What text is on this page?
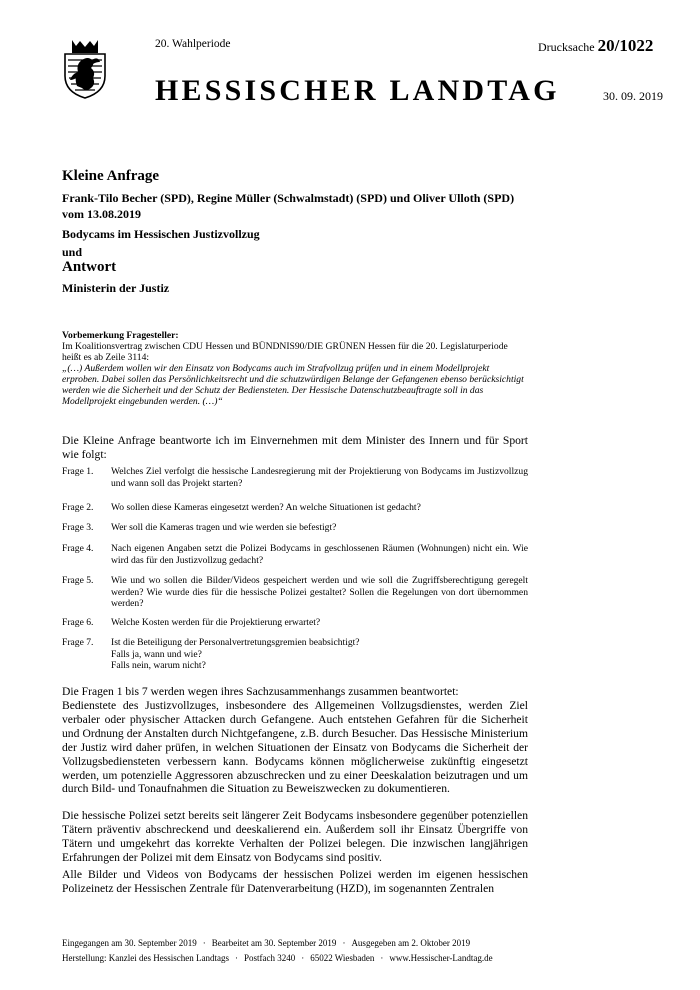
20. Wahlperiode	Drucksache 20/1022
HESSISCHER LANDTAG	30. 09. 2019
Kleine Anfrage
Frank-Tilo Becher (SPD), Regine Müller (Schwalmstadt) (SPD) und Oliver Ulloth (SPD) vom 13.08.2019
Bodycams im Hessischen Justizvollzug
und
Antwort
Ministerin der Justiz
Vorbemerkung Fragesteller:
Im Koalitionsvertrag zwischen CDU Hessen und BÜNDNIS90/DIE GRÜNEN Hessen für die 20. Legislaturperiode heißt es ab Zeile 3114:
„(…) Außerdem wollen wir den Einsatz von Bodycams auch im Strafvollzug prüfen und in einem Modellprojekt erproben. Dabei sollen das Persönlichkeitsrecht und die schutzwürdigen Belange der Gefangenen ebenso berücksichtigt werden wie die Sicherheit und der Schutz der Bediensteten. Der Hessische Datenschutzbeauftragte soll in das Modellprojekt eingebunden werden. (…)“
Die Kleine Anfrage beantworte ich im Einvernehmen mit dem Minister des Innern und für Sport wie folgt:
Frage 1.	Welches Ziel verfolgt die hessische Landesregierung mit der Projektierung von Bodycams im Justizvollzug und wann soll das Projekt starten?
Frage 2.	Wo sollen diese Kameras eingesetzt werden? An welche Situationen ist gedacht?
Frage 3.	Wer soll die Kameras tragen und wie werden sie befestigt?
Frage 4.	Nach eigenen Angaben setzt die Polizei Bodycams in geschlossenen Räumen (Wohnungen) nicht ein. Wie wird das für den Justizvollzug gedacht?
Frage 5.	Wie und wo sollen die Bilder/Videos gespeichert werden und wie soll die Zugriffsberechtigung geregelt werden? Wie wurde dies für die hessische Polizei gestaltet? Sollen die Regelungen von dort übernommen werden?
Frage 6.	Welche Kosten werden für die Projektierung erwartet?
Frage 7.	Ist die Beteiligung der Personalvertretungsgremien beabsichtigt?
Falls ja, wann und wie?
Falls nein, warum nicht?
Die Fragen 1 bis 7 werden wegen ihres Sachzusammenhangs zusammen beantwortet:
Bedienstete des Justizvollzuges, insbesondere des Allgemeinen Vollzugsdienstes, werden Ziel verbaler oder physischer Attacken durch Gefangene. Auch entstehen Gefahren für die Sicherheit und Ordnung der Anstalten durch Nichtgefangene, z.B. durch Besucher. Das Hessische Ministerium der Justiz wird daher prüfen, in welchen Situationen der Einsatz von Bodycams die Sicherheit der Vollzugsbediensteten verbessern kann. Bodycams können möglicherweise zukünftig eingesetzt werden, um potenzielle Aggressoren abzuschrecken und zu einer Deeskalation beizutragen und um durch Bild- und Tonaufnahmen die Situation zu Beweiszwecken zu dokumentieren.
Die hessische Polizei setzt bereits seit längerer Zeit Bodycams insbesondere gegenüber potenziellen Tätern präventiv abschreckend und deeskalierend ein. Außerdem soll ihr Einsatz Übergriffe von Tätern und umgekehrt das korrekte Verhalten der Polizei belegen. Die inzwischen langjährigen Erfahrungen der Polizei mit dem Einsatz von Bodycams sind positiv.
Alle Bilder und Videos von Bodycams der hessischen Polizei werden im eigenen hessischen Polizeinetz der Hessischen Zentrale für Datenverarbeitung (HZD), im sogenannten Zentralen
Eingegangen am 30. September 2019 · Bearbeitet am 30. September 2019 · Ausgegeben am 2. Oktober 2019
Herstellung: Kanzlei des Hessischen Landtags · Postfach 3240 · 65022 Wiesbaden · www.Hessischer-Landtag.de
